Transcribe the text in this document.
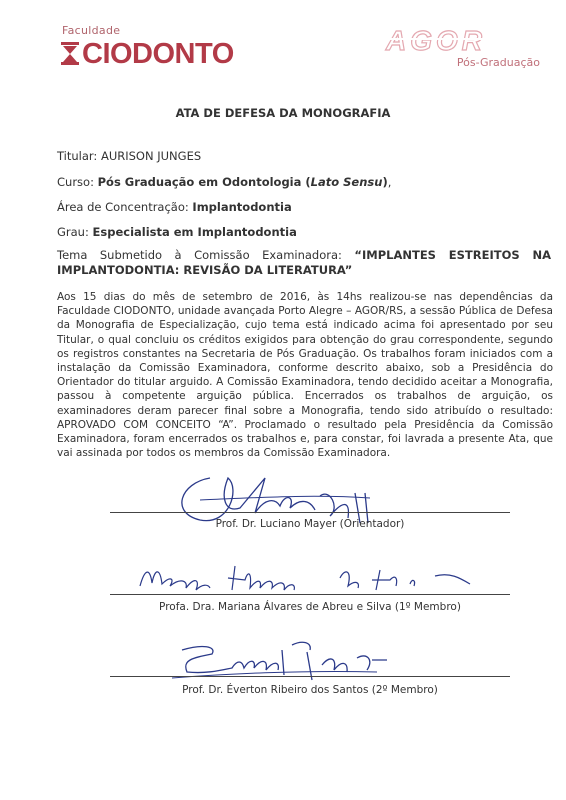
Faculdade
CIODONTO	AGOR
Pós-Graduação
ATA DE DEFESA DA MONOGRAFIA
Titular: AURISON JUNGES
Curso: Pós Graduação em Odontologia (Lato Sensu),
Área de Concentração: Implantodontia
Grau: Especialista em Implantodontia
Tema Submetido à Comissão Examinadora: “IMPLANTES ESTREITOS NA IMPLANTODONTIA: REVISÃO DA LITERATURA”
Aos 15 dias do mês de setembro de 2016, às 14hs realizou-se nas dependências da Faculdade CIODONTO, unidade avançada Porto Alegre – AGOR/RS, a sessão Pública de Defesa da Monografia de Especialização, cujo tema está indicado acima foi apresentado por seu Titular, o qual concluiu os créditos exigidos para obtenção do grau correspondente, segundo os registros constantes na Secretaria de Pós Graduação. Os trabalhos foram iniciados com a instalação da Comissão Examinadora, conforme descrito abaixo, sob a Presidência do Orientador do titular arguido. A Comissão Examinadora, tendo decidido aceitar a Monografia, passou à competente arguição pública. Encerrados os trabalhos de arguição, os examinadores deram parecer final sobre a Monografia, tendo sido atribuído o resultado: APROVADO COM CONCEITO “A”. Proclamado o resultado pela Presidência da Comissão Examinadora, foram encerrados os trabalhos e, para constar, foi lavrada a presente Ata, que vai assinada por todos os membros da Comissão Examinadora.
Prof. Dr. Luciano Mayer (Orientador)
Profa. Dra. Mariana Álvares de Abreu e Silva (1º Membro)
Prof. Dr. Éverton Ribeiro dos Santos (2º Membro)
